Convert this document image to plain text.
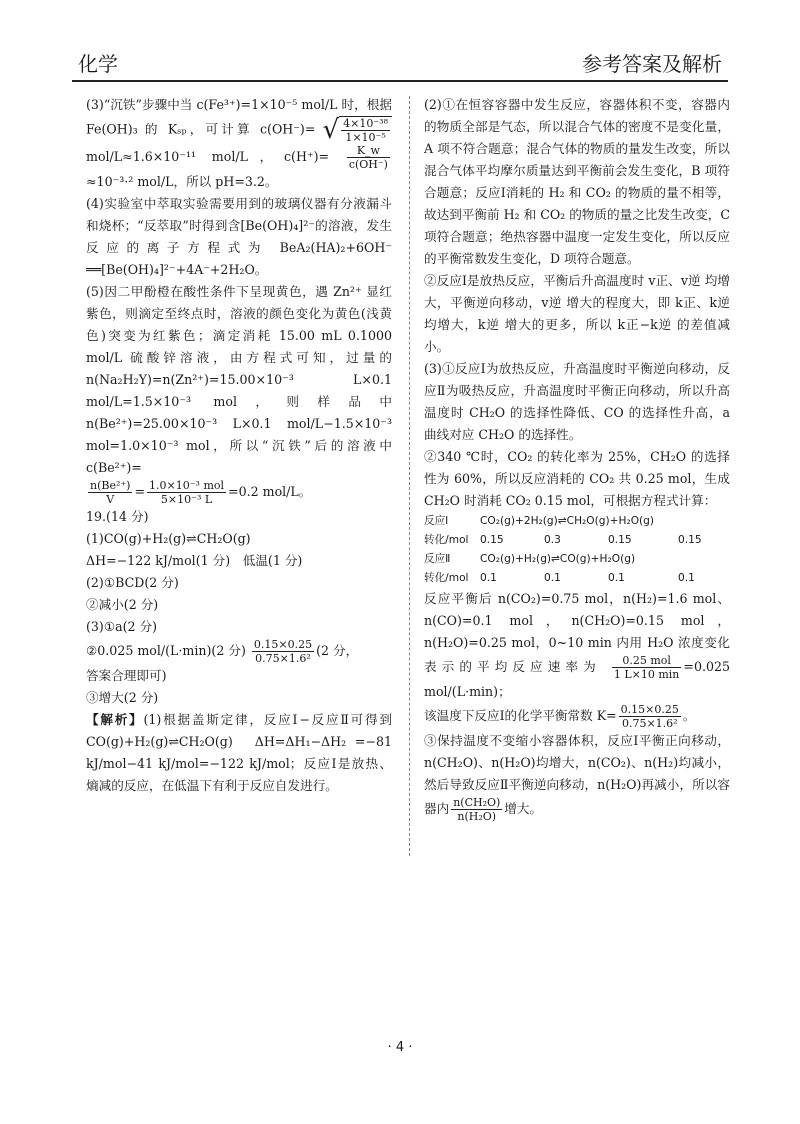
化学	参考答案及解析

(3)“沉铁”步骤中当 c(Fe³⁺)=1×10⁻⁵ mol/L 时，根据 Fe(OH)₃ 的 Kₛₚ，可计算 c(OH⁻)= √ $\frac{\text{4×10⁻³⁸}}{\text{1×10⁻⁵}}$
mol/L≈1.6×10⁻¹¹ mol/L，$c(H^+)= \frac{K\_w}{c(OH^-)}$
≈10⁻³·² mol/L，所以 pH=3.2。

(4)实验室中萃取实验需要用到的玻璃仪器有分液漏斗和烧杯；“反萃取”时得到含[Be(OH)₄]²⁻的溶液，发生反应的离子方程式为 BeA₂(HA)₂+6OH⁻ ══[Be(OH)₄]²⁻+4A⁻+2H₂O。

(5)因二甲酚橙在酸性条件下呈现黄色，遇 Zn²⁺ 显红紫色，则滴定至终点时，溶液的颜色变化为黄色(浅黄色)突变为红紫色；滴定消耗 15.00 mL 0.1000 mol/L 硫酸锌溶液，由方程式可知，过量的 n(Na₂H₂Y)=n(Zn²⁺)=15.00×10⁻³ L×0.1 mol/L=1.5×10⁻³ mol，则样品中 n(Be²⁺)=25.00×10⁻³ L×0.1 mol/L−1.5×10⁻³ mol=1.0×10⁻³ mol，所以“沉铁”后的溶液中 c(Be²⁺)=

$\frac{\text{n(Be²⁺)}}{V} = \frac{\text{1.0×10⁻³ mol}}{\text{5×10⁻³ L}} =0.2$ mol/L。

19.(14 分)

(1)CO(g)+H₂(g)⇌CH₂O(g)

ΔH=−122 kJ/mol(1 分)　低温(1 分)

(2)①BCD(2 分)

②减小(2 分)

(3)①a(2 分)

②0.025 mol/(L·min)(2 分) $\frac{0.15\times 0.25}{\text{0.75×1.6²}} (2$ 分，

答案合理即可)

③增大(2 分)

【解析】(1)根据盖斯定律，反应Ⅰ−反应Ⅱ可得到 CO(g)+H₂(g)⇌CH₂O(g)　ΔH=ΔH₁−ΔH₂ =−81 kJ/mol−41 kJ/mol=−122 kJ/mol；反应Ⅰ是放热、熵减的反应，在低温下有利于反应自发进行。

(2)①在恒容容器中发生反应，容器体积不变，容器内的物质全部是气态，所以混合气体的密度不是变化量，A 项不符合题意；混合气体的物质的量发生改变，所以混合气体平均摩尔质量达到平衡前会发生变化，B 项符合题意；反应Ⅰ消耗的 H₂ 和 CO₂ 的物质的量不相等，故达到平衡前 H₂ 和 CO₂ 的物质的量之比发生改变，C 项符合题意；绝热容器中温度一定发生变化，所以反应的平衡常数发生变化，D 项符合题意。

②反应Ⅰ是放热反应，平衡后升高温度时 v正、v逆 均增大，平衡逆向移动，v逆 增大的程度大，即 k正、k逆 均增大，k逆 增大的更多，所以 k正−k逆 的差值减小。

(3)①反应Ⅰ为放热反应，升高温度时平衡逆向移动，反应Ⅱ为吸热反应，升高温度时平衡正向移动，所以升高温度时 CH₂O 的选择性降低、CO 的选择性升高，a 曲线对应 CH₂O 的选择性。

②340 ℃时，CO₂ 的转化率为 25%，CH₂O 的选择性为 60%，所以反应消耗的 CO₂ 共 0.25 mol，生成 CH₂O 时消耗 CO₂ 0.15 mol，可根据方程式计算：

反应Ⅰ	CO₂(g)+2H₂(g)⇌CH₂O(g)+H₂O(g)
转化/mol 0.15	0.3	0.15	0.15
反应Ⅱ	CO₂(g)+H₂(g)⇌CO(g)+H₂O(g)
转化/mol 0.1	0.1	0.1	0.1

反应平衡后 n(CO₂)=0.75 mol，n(H₂)=1.6 mol、n(CO)=0.1 mol，n(CH₂O)=0.15 mol，n(H₂O)=0.25 mol，0~10 min 内用 H₂O 浓度变化表示的平均反应速率为 $\frac{\text{0.25 mol}}{1 L\times 10 \min} =0.025$ mol/(L·min)；

该温度下反应Ⅰ的化学平衡常数 $K= \frac{0.15\times 0.25}{\text{0.75×1.6²}}$ 。

③保持温度不变缩小容器体积，反应Ⅰ平衡正向移动，n(CH₂O)、n(H₂O)均增大，n(CO₂)、n(H₂)均减小，然后导致反应Ⅱ平衡逆向移动，n(H₂O)再减小，所以容器内 $\frac{\text{n(CH₂O)}}{\text{n(H₂O)}}$ 增大。

· 4 ·
